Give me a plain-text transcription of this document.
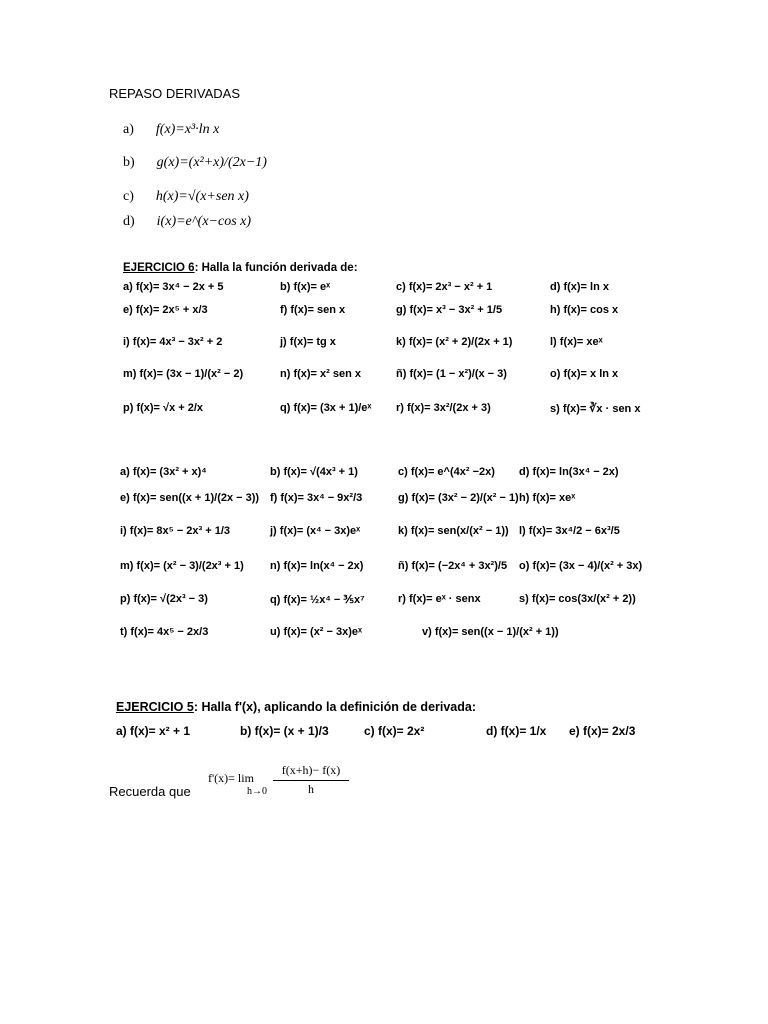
REPASO DERIVADAS
a) f(x)=x³·ln x
b) g(x)=(x²+x)/(2x−1)
c) h(x)=√(x+sen x)
d) i(x)=e^(x−cos x)
EJERCICIO 6: Halla la función derivada de:
a) f(x)= 3x⁴ − 2x + 5	b) f(x)= eˣ	c) f(x)= 2x³ − x² + 1	d) f(x)= ln x
e) f(x)= 2x⁵ + x/3	f) f(x)= sen x	g) f(x)= x³ − 3x² + 1/5	h) f(x)= cos x
i) f(x)= 4x³ − 3x² + 2	j) f(x)= tg x	k) f(x)= (x² + 2)/(2x + 1)	l) f(x)= xeˣ
m) f(x)= (3x − 1)/(x² − 2)	n) f(x)= x² sen x	ñ) f(x)= (1 − x²)/(x − 3)	o) f(x)= x ln x
p) f(x)= √x + 2/x	q) f(x)= (3x + 1)/eˣ r) f(x)= 3x²/(2x + 3)	s) f(x)= ∛x · sen x
a) f(x)= (3x² + x)⁴	b) f(x)= √(4x³ + 1)	c) f(x)= e^(4x² −2x) d) f(x)= ln(3x⁴ − 2x)
e) f(x)= sen((x + 1)/(2x − 3)) f) f(x)= 3x⁴ − 9x²/3	g) f(x)= (3x² − 2)/(x² − 1) h) f(x)= xeˣ
i) f(x)= 8x⁵ − 2x³ + 1/3	j) f(x)= (x⁴ − 3x)eˣ	k) f(x)= sen(x/(x² − 1)) l) f(x)= 3x⁴/2 − 6x³/5
m) f(x)= (x² − 3)/(2x³ + 1) n) f(x)= ln(x⁴ − 2x)	ñ) f(x)= (−2x⁴ + 3x²)/5 o) f(x)= (3x − 4)/(x² + 3x)
p) f(x)= √(2x³ − 3)	q) f(x)= ½x⁴ − ⅗x⁷	r) f(x)= eˣ · senx	s) f(x)= cos(3x/(x² + 2))
t) f(x)= 4x⁵ − 2x/3	u) f(x)= (x² − 3x)eˣ	v) f(x)= sen((x − 1)/(x² + 1))
EJERCICIO 5: Halla f'(x), aplicando la definición de derivada:
a) f(x)= x² + 1	b) f(x)= (x + 1)/3	c) f(x)= 2x²	d) f(x)= 1/x e) f(x)= 2x/3
Recuerda que
f'(x)= lim
h→0
f(x+h)− f(x)
h
